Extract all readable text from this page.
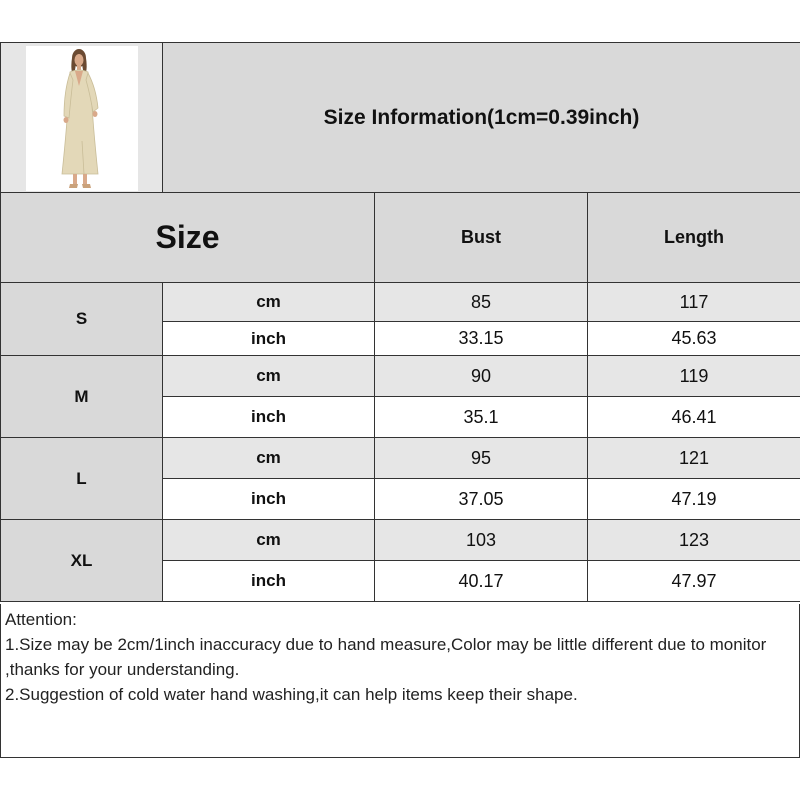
	Size Information(1cm=0.39inch)		
Size		Bust	Length
S	cm	85	117
	inch	33.15	45.63
M	cm	90	119
	inch	35.1	46.41
L	cm	95	121
	inch	37.05	47.19
XL	cm	103	123
	inch	40.17	47.97
Attention:
1.Size may be 2cm/1inch inaccuracy due to hand measure,Color may be little different due to monitor ,thanks for your understanding.
2.Suggestion of cold water hand washing,it can help items keep their shape.
